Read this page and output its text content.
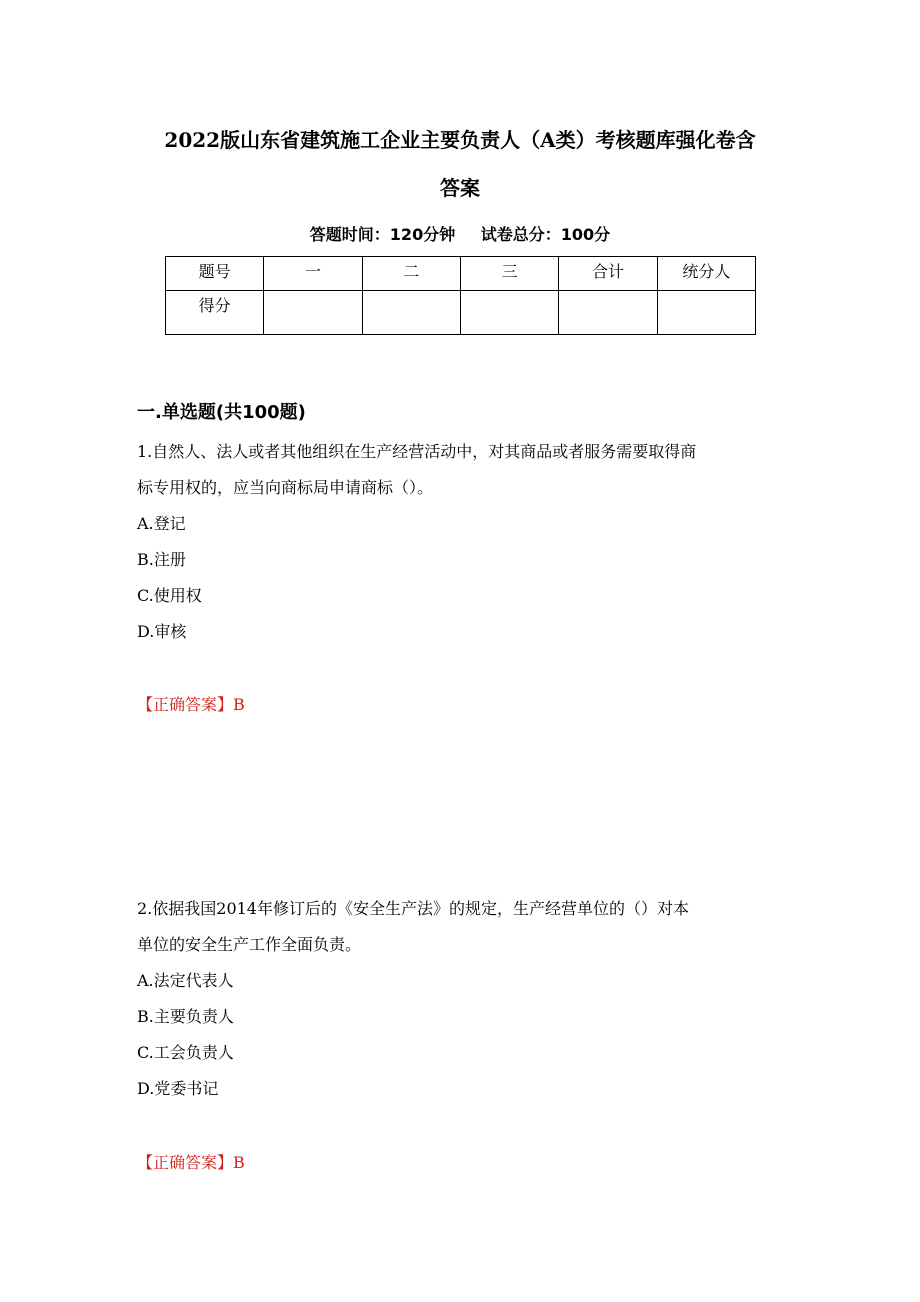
2022版山东省建筑施工企业主要负责人（A类）考核题库强化卷含
答案
答题时间：120分钟 试卷总分：100分
题号	一	二	三	合计	统分人
得分					
一.单选题(共100题)

1.自然人、法人或者其他组织在生产经营活动中，对其商品或者服务需要取得商

标专用权的，应当向商标局申请商标（）。

A.登记

B.注册

C.使用权

D.审核

【正确答案】B

2.依据我国2014年修订后的《安全生产法》的规定，生产经营单位的（）对本

单位的安全生产工作全面负责。

A.法定代表人

B.主要负责人

C.工会负责人

D.党委书记

【正确答案】B
